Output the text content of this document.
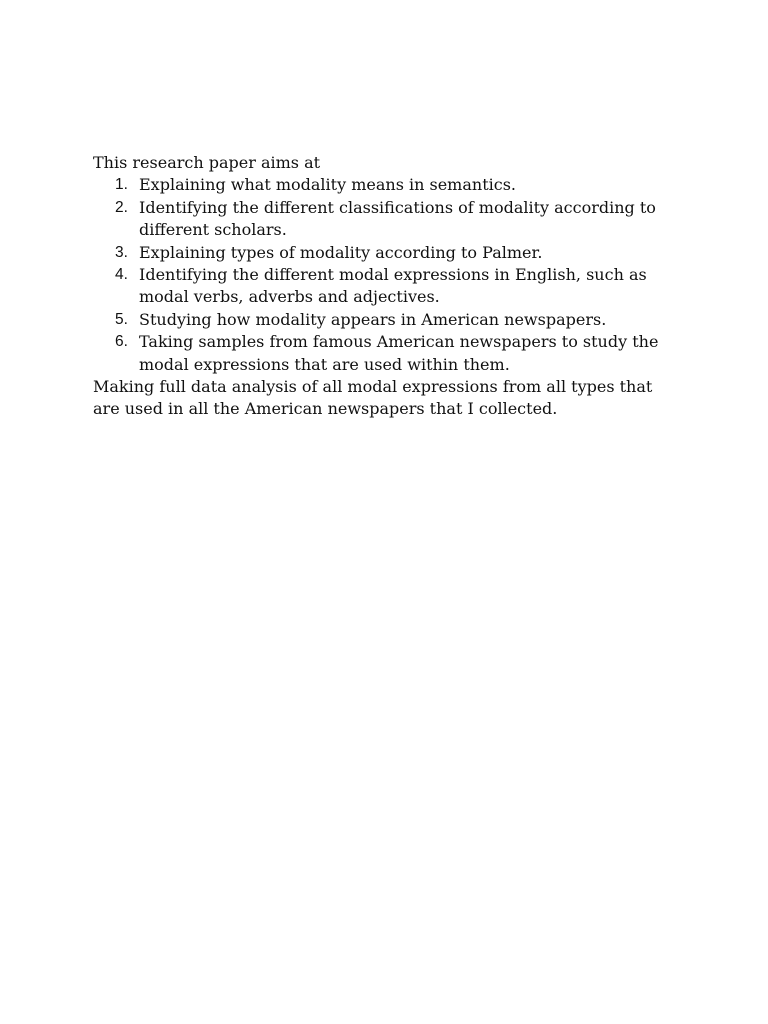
This research paper aims at

1. Explaining what modality means in semantics.
2. Identifying the different classifications of modality according to different scholars.
3. Explaining types of modality according to Palmer.
4. Identifying the different modal expressions in English, such as modal verbs, adverbs and adjectives.
5. Studying how modality appears in American newspapers.
6. Taking samples from famous American newspapers to study the modal expressions that are used within them.

Making full data analysis of all modal expressions from all types that are used in all the American newspapers that I collected.
